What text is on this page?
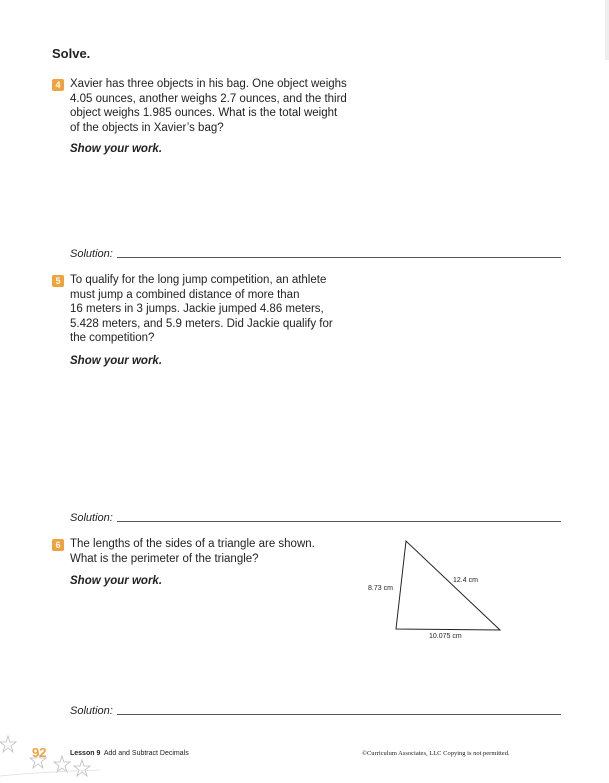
Solve.
4 Xavier has three objects in his bag. One object weighs
4.05 ounces, another weighs 2.7 ounces, and the third
object weighs 1.985 ounces. What is the total weight
of the objects in Xavier’s bag?
Show your work.
Solution:
5 To qualify for the long jump competition, an athlete
must jump a combined distance of more than
16 meters in 3 jumps. Jackie jumped 4.86 meters,
5.428 meters, and 5.9 meters. Did Jackie qualify for
the competition?
Show your work.
Solution:
6 The lengths of the sides of a triangle are shown.
What is the perimeter of the triangle?
Show your work.
8.73 cm
12.4 cm
10.075 cm
Solution:
92	Lesson 9 Add and Subtract Decimals	©Curriculum Associates, LLC Copying is not permitted.
